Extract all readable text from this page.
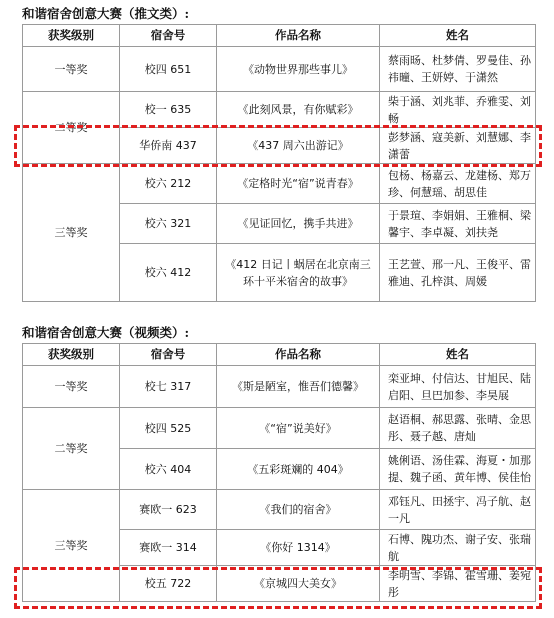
和谐宿舍创意大赛（推文类）:
获奖级别	宿舍号	作品名称	姓名
一等奖	校四 651	《动物世界那些事儿》	蔡雨旸、杜梦倩、罗曼佳、孙祎曈、王妍婷、于潇然
二等奖	校一 635	《此刻风景，有你赋彩》	柴于涵、刘兆菲、乔雅雯、刘畅
	华侨南 437	《437 周六出游记》	彭梦涵、寇美新、刘慧娜、李潇蕾
三等奖	校六 212	《定格时光“宿”说青春》	包杨、杨嘉云、龙建杨、郑万珍、何慧瑶、胡思佳
	校六 321	《见证回忆，携手共进》	于景瑄、李娟娟、王雅桐、梁馨宇、李卓凝、刘扶尧
	校六 412	《412 日记丨蜗居在北京南三环十平米宿舍的故事》	王艺萱、邢一凡、王俊平、雷雅迪、孔梓淇、周媛
和谐宿舍创意大赛（视频类）:
获奖级别	宿舍号	作品名称	姓名
一等奖	校七 317	《斯是陋室，惟吾们德馨》	栾亚坤、付信达、甘旭民、陆启阳、旦巴加参、李昊展
二等奖	校四 525	《“宿”说美好》	赵语桐、郝思露、张晴、金思彤、聂子越、唐灿
	校六 404	《五彩斑斓的 404》	姚俐语、汤佳霖、海夏・加那提、魏子函、黄年博、侯佳怡
三等奖	赛欧一 623	《我们的宿舍》	邓钰凡、田拯宇、冯子航、赵一凡
	赛欧一 314	《你好 1314》	石博、隗功杰、谢子安、张瑞航
	校五 722	《京城四大美女》	李明雪、李锦、霍雪珊、姜宛彤
